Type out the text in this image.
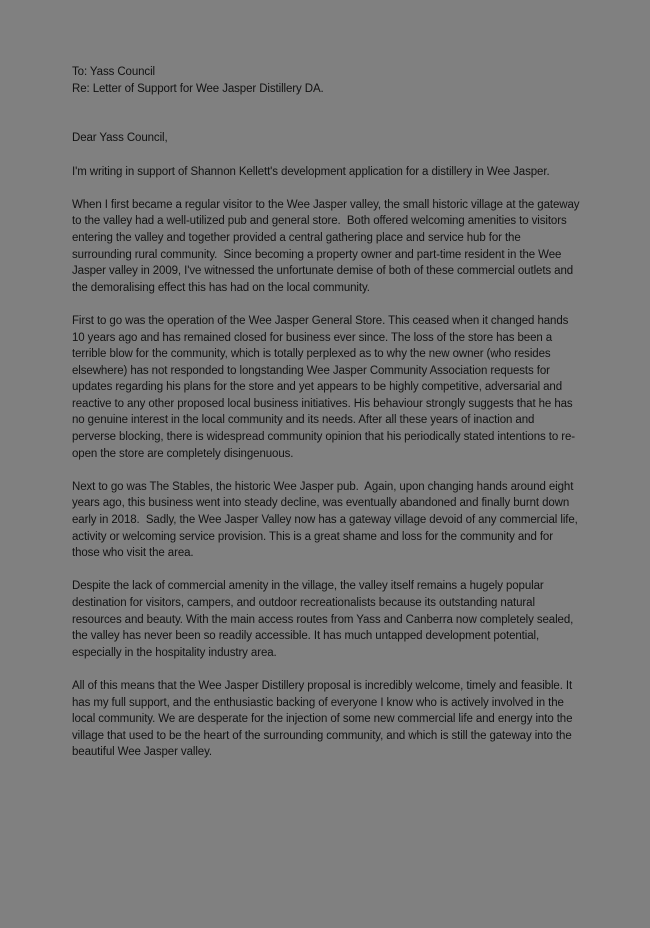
To: Yass Council
Re: Letter of Support for Wee Jasper Distillery DA.

Dear Yass Council,

I'm writing in support of Shannon Kellett's development application for a distillery in Wee Jasper.

When I first became a regular visitor to the Wee Jasper valley, the small historic village at the gateway to the valley had a well-utilized pub and general store.  Both offered welcoming amenities to visitors entering the valley and together provided a central gathering place and service hub for the surrounding rural community.  Since becoming a property owner and part-time resident in the Wee Jasper valley in 2009, I've witnessed the unfortunate demise of both of these commercial outlets and the demoralising effect this has had on the local community.

First to go was the operation of the Wee Jasper General Store. This ceased when it changed hands 10 years ago and has remained closed for business ever since. The loss of the store has been a terrible blow for the community, which is totally perplexed as to why the new owner (who resides elsewhere) has not responded to longstanding Wee Jasper Community Association requests for updates regarding his plans for the store and yet appears to be highly competitive, adversarial and reactive to any other proposed local business initiatives. His behaviour strongly suggests that he has no genuine interest in the local community and its needs. After all these years of inaction and perverse blocking, there is widespread community opinion that his periodically stated intentions to re-open the store are completely disingenuous.

Next to go was The Stables, the historic Wee Jasper pub.  Again, upon changing hands around eight years ago, this business went into steady decline, was eventually abandoned and finally burnt down early in 2018.  Sadly, the Wee Jasper Valley now has a gateway village devoid of any commercial life, activity or welcoming service provision. This is a great shame and loss for the community and for those who visit the area.

Despite the lack of commercial amenity in the village, the valley itself remains a hugely popular destination for visitors, campers, and outdoor recreationalists because its outstanding natural resources and beauty. With the main access routes from Yass and Canberra now completely sealed, the valley has never been so readily accessible. It has much untapped development potential, especially in the hospitality industry area.

All of this means that the Wee Jasper Distillery proposal is incredibly welcome, timely and feasible. It has my full support, and the enthusiastic backing of everyone I know who is actively involved in the local community. We are desperate for the injection of some new commercial life and energy into the village that used to be the heart of the surrounding community, and which is still the gateway into the beautiful Wee Jasper valley.
